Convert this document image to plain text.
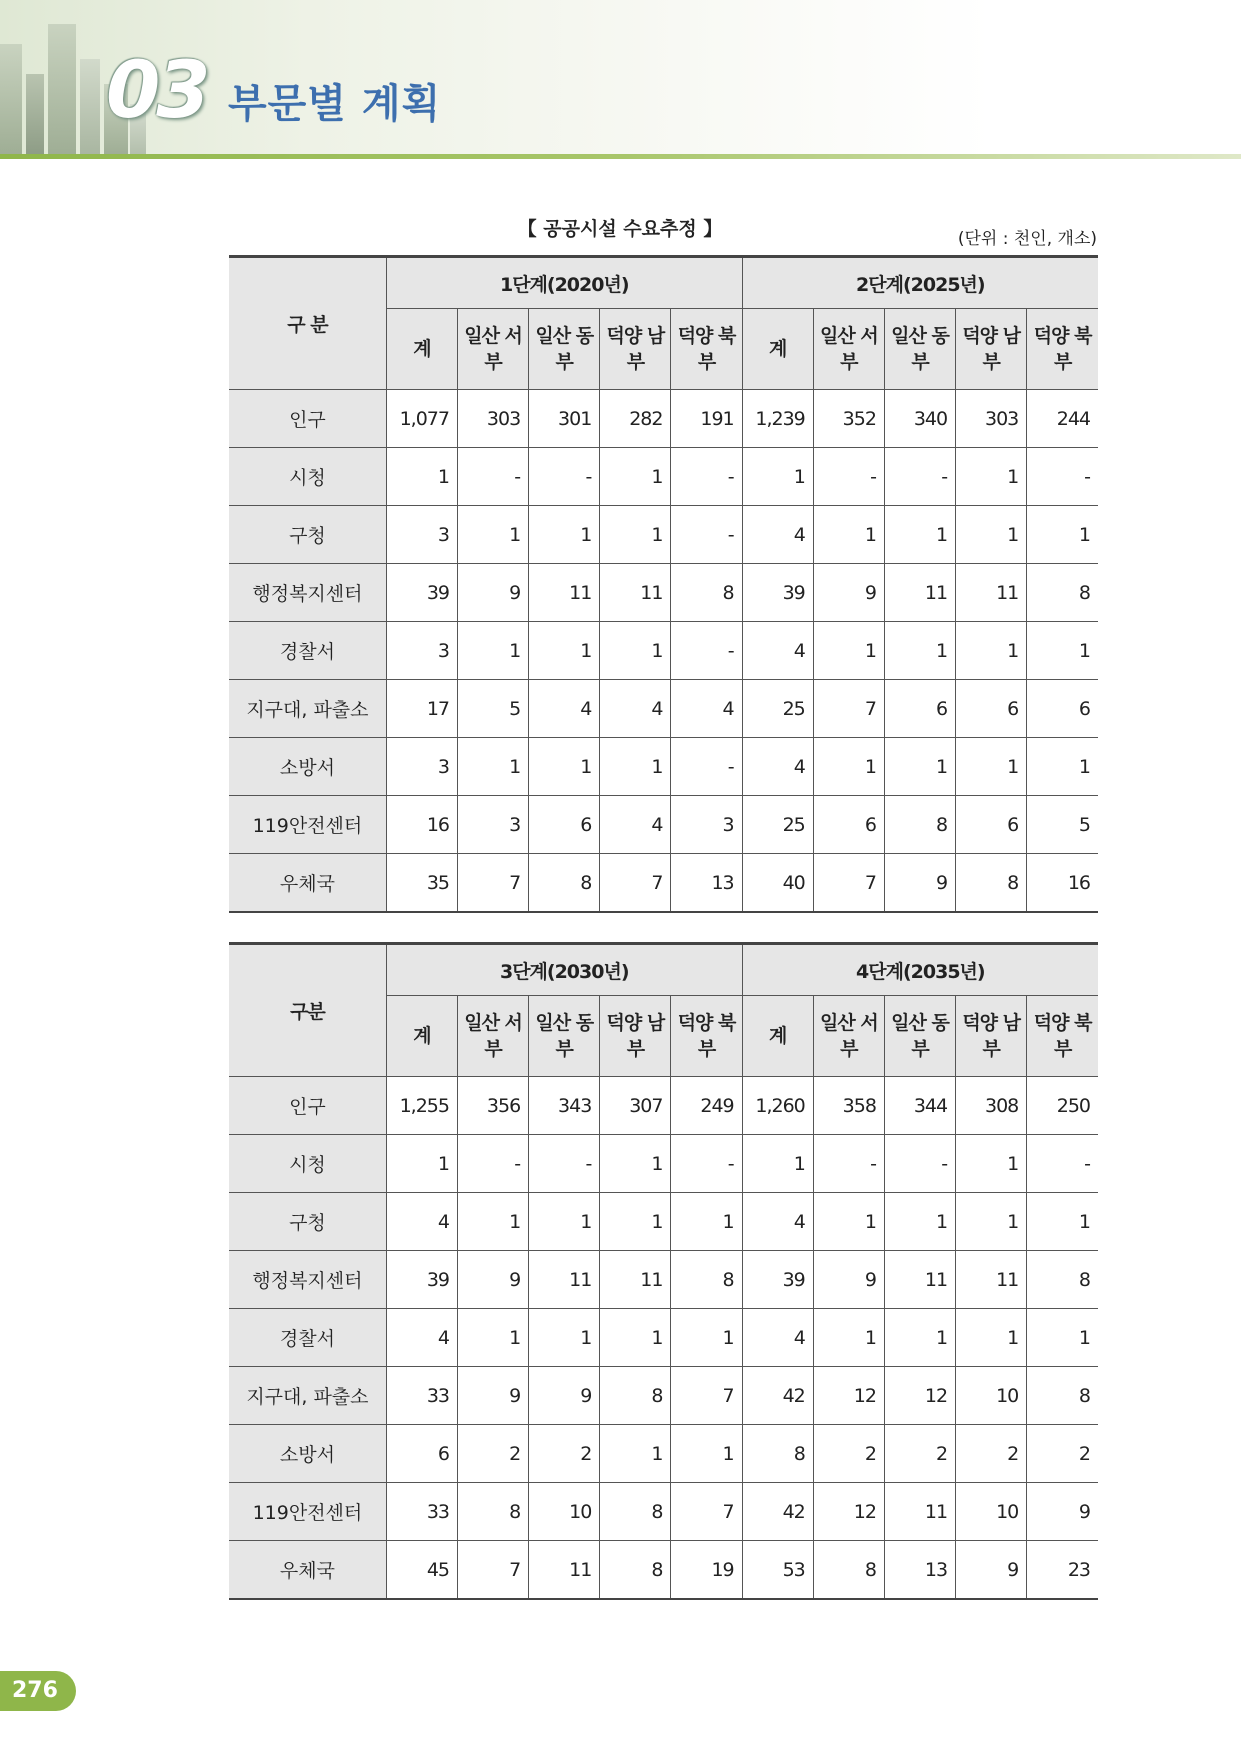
03 부문별 계획
【 공공시설 수요추정 】	(단위 : 천인, 개소)
구 분	1단계(2020년)					2단계(2025년)				
	계	일산 서부	일산 동부	덕양 남부	덕양 북부	계	일산 서부	일산 동부	덕양 남부	덕양 북부
인구	1,077	303	301	282	191	1,239	352	340	303	244
시청	1	-	-	1	-	1	-	-	1	-
구청	3	1	1	1	-	4	1	1	1	1
행정복지센터	39	9	11	11	8	39	9	11	11	8
경찰서	3	1	1	1	-	4	1	1	1	1
지구대, 파출소	17	5	4	4	4	25	7	6	6	6
소방서	3	1	1	1	-	4	1	1	1	1
119안전센터	16	3	6	4	3	25	6	8	6	5
우체국	35	7	8	7	13	40	7	9	8	16
구분	3단계(2030년)					4단계(2035년)				
	계	일산 서부	일산 동부	덕양 남부	덕양 북부	계	일산 서부	일산 동부	덕양 남부	덕양 북부
인구	1,255	356	343	307	249	1,260	358	344	308	250
시청	1	-	-	1	-	1	-	-	1	-
구청	4	1	1	1	1	4	1	1	1	1
행정복지센터	39	9	11	11	8	39	9	11	11	8
경찰서	4	1	1	1	1	4	1	1	1	1
지구대, 파출소	33	9	9	8	7	42	12	12	10	8
소방서	6	2	2	1	1	8	2	2	2	2
119안전센터	33	8	10	8	7	42	12	11	10	9
우체국	45	7	11	8	19	53	8	13	9	23
276
